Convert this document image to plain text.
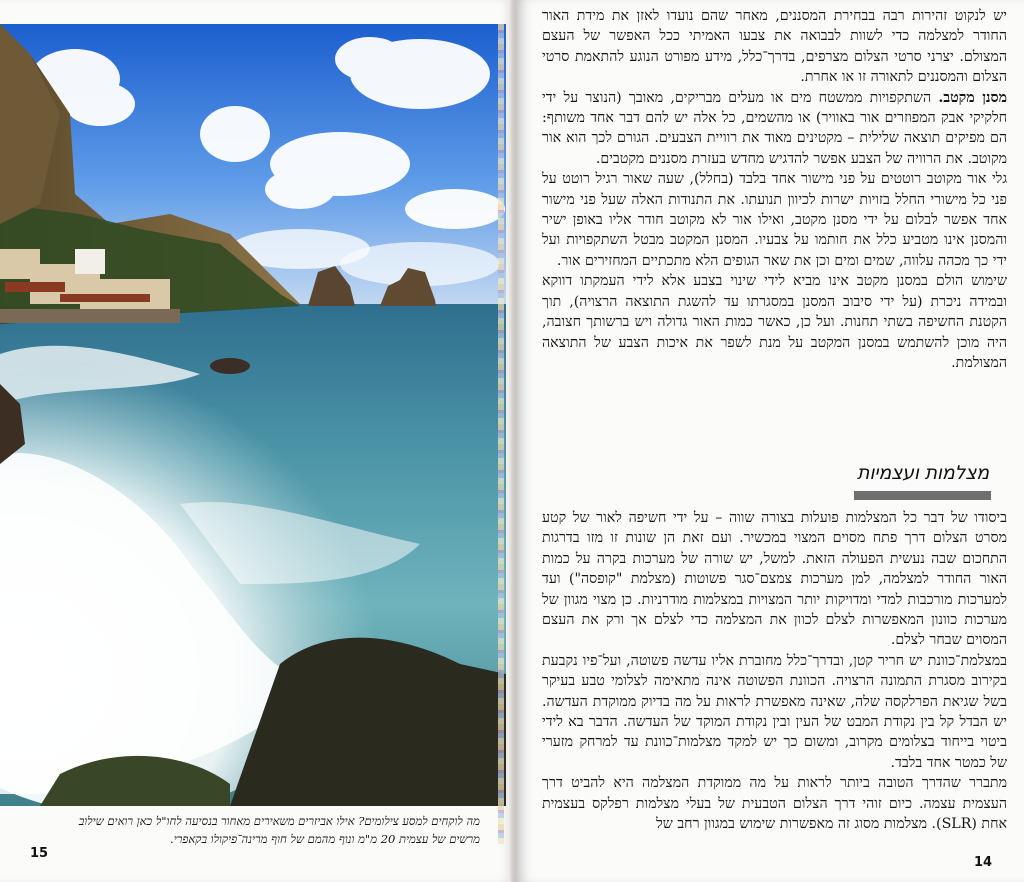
מה לוקחים למסע צילומים? אילו אביזרים משאירים מאחור בנסיעה לחו"ל כאן רואים שילוב מרשים של עצמית 20 מ"מ ונוף מהמם של חוף מרינה־פיקולו בקאפרי.
15

יש לנקוט זהירות רבה בבחירת המסננים, מאחר שהם נועדו לאזן את מידת האור החודר למצלמה כדי לשוות לבבואה את צבעו האמיתי ככל האפשר של העצם המצולם. יצרני סרטי הצלום מצרפים, בדרך־כלל, מידע מפורט הנוגע להתאמת סרטי הצלום והמסננים לתאורה זו או אחרת.

מסנן מקטב. השתקפויות ממשטח מים או מעלים מבריקים, מאובך (הנוצר על ידי חלקיקי אבק המפוזרים אור באוויר) או מהשמים, כל אלה יש להם דבר אחד משותף: הם מפיקים תוצאה שלילית – מקטינים מאוד את רוויית הצבעים. הגורם לכך הוא אור מקוטב. את הרוויה של הצבע אפשר להדגיש מחדש בעזרת מסננים מקטבים.

גלי אור מקוטב רוטטים על פני מישור אחד בלבד (בחלל), שעה שאור רגיל רוטט על פני כל מישורי החלל בזויות ישרות לכיוון תנועתו. את התנודות האלה שעל פני מישור אחד אפשר לבלום על ידי מסנן מקטב, ואילו אור לא מקוטב חודר אליו באופן ישיר והמסנן אינו מטביע כלל את חותמו על צבעיו. המסנן המקטב מבטל השתקפויות ועל ידי כך מכהה עלווה, שמים ומים וכן את שאר הגופים הלא מתכתיים המחזירים אור.

שימוש הולם במסנן מקטב אינו מביא לידי שינוי בצבע אלא לידי העמקתו דווקא ובמידה ניכרת (על ידי סיבוב המסנן במסגרתו עד להשגת התוצאה הרצויה), תוך הקטנת החשיפה בשתי תחנות. ועל כן, כאשר כמות האור גדולה ויש ברשותך חצובה, היה מוכן להשתמש במסנן המקטב על מנת לשפר את איכות הצבע של התוצאה המצולמת.

מצלמות ועצמיות

ביסודו של דבר כל המצלמות פועלות בצורה שווה – על ידי חשיפה לאור של קטע מסרט הצלום דרך פתח מסוים המצוי במכשיר. ועם זאת הן שונות זו מזו בדרגות התחכום שבה נעשית הפעולה הזאת. למשל, יש שורה של מערכות בקרה על כמות האור החודר למצלמה, למן מערכות צמצם־סגר פשוטות (מצלמת "קופסה") ועד למערכות מורכבות למדי ומדויקות יותר המצויות במצלמות מודרניות. כן מצוי מגוון של מערכות כוונון המאפשרות לצלם לכוון את המצלמה כדי לצלם אך ורק את העצם המסוים שבחר לצלם.

במצלמת־כוונת יש חריר קטן, ובדרך־כלל מחוברת אליו עדשה פשוטה, ועל־פיו נקבעת בקירוב מסגרת התמונה הרצויה. הכוונת הפשוטה אינה מתאימה לצלומי טבע בעיקר בשל שגיאת הפרלקסה שלה, שאינה מאפשרת לראות על מה בדיוק ממוקדת העדשה. יש הבדל קל בין נקודת המבט של העין ובין נקודת המוקד של העדשה. הדבר בא לידי ביטוי בייחוד בצלומים מקרוב, ומשום כך יש למקד מצלמות־כוונת עד למרחק מזערי של כמטר אחד בלבד.

מתברר שהדרך הטובה ביותר לראות על מה ממוקדת המצלמה היא להביט דרך העצמית עצמה. כיום זוהי דרך הצלום הטבעית של בעלי מצלמות רפלקס בעצמית אחת (SLR). מצלמות מסוג זה מאפשרות שימוש במגוון רחב של

14
